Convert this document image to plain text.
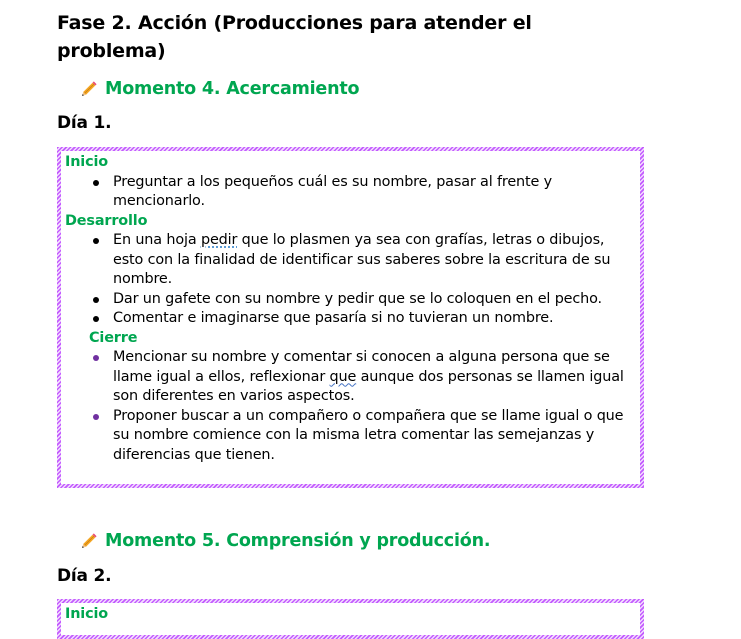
Fase 2. Acción (Producciones para atender el problema)
Momento 4. Acercamiento
Día 1.
Inicio
Preguntar a los pequeños cuál es su nombre, pasar al frente y mencionarlo.
Desarrollo
En una hoja pedir que lo plasmen ya sea con grafías, letras o dibujos, esto con la finalidad de identificar sus saberes sobre la escritura de su nombre.
Dar un gafete con su nombre y pedir que se lo coloquen en el pecho.
Comentar e imaginarse que pasaría si no tuvieran un nombre.
Cierre
Mencionar su nombre y comentar si conocen a alguna persona que se llame igual a ellos, reflexionar que aunque dos personas se llamen igual son diferentes en varios aspectos.
Proponer buscar a un compañero o compañera que se llame igual o que su nombre comience con la misma letra comentar las semejanzas y diferencias que tienen.
Momento 5. Comprensión y producción.
Día 2.
Inicio
